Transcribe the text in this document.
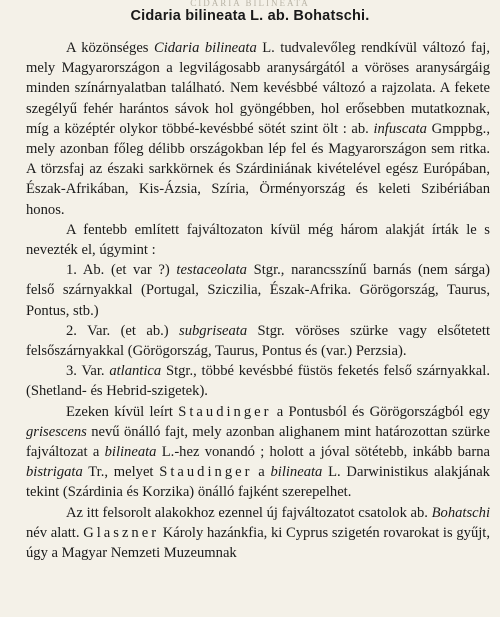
CIDARIA BILINEATA
Cidaria bilineata L. ab. Bohatschi.

A közönséges Cidaria bilineata L. tudvalevőleg rendkívül változó faj, mely Magyarországon a legvilágosabb aranysárgától a vöröses aranysárgáig minden színárnyalatban található. Nem kevésbbé változó a rajzolata. A fekete szegélyű fehér harántos sávok hol gyöngébben, hol erősebben mutatkoznak, míg a középtér olykor többé-kevésbbé sötét szint ölt : ab. infuscata Gmppbg., mely azonban főleg délibb országokban lép fel és Magyarországon sem ritka. A törzsfaj az északi sarkkörnek és Szárdiniának kivételével egész Európában, Észak-Afrikában, Kis-Ázsia, Szíria, Örményország és keleti Szibériában honos.

A fentebb említett fajváltozaton kívül még három alakját írták le s nevezték el, úgymint :

1. Ab. (et var ?) testaceolata Stgr., narancsszínű barnás (nem sárga) felső szárnyakkal (Portugal, Sziczilia, Észak-Afrika. Görögország, Taurus, Pontus, stb.)

2. Var. (et ab.) subgriseata Stgr. vöröses szürke vagy elsőtetett felsőszárnyakkal (Görögország, Taurus, Pontus és (var.) Perzsia).

3. Var. atlantica Stgr., többé kevésbbé füstös feketés felső szárnyakkal. (Shetland- és Hebrid-szigetek).

Ezeken kívül leírt Staudinger a Pontusból és Görögországból egy grisescens nevű önálló fajt, mely azonban alighanem mint határozottan szürke fajváltozat a bilineata L.-hez vonandó ; holott a jóval sötétebb, inkább barna bistrigata Tr., melyet Staudinger a bilineata L. Darwinistikus alakjának tekint (Szárdinia és Korzika) önálló fajként szerepelhet.

Az itt felsorolt alakokhoz ezennel új fajváltozatot csatolok ab. Bohatschi név alatt. Glaszner Károly hazánkfia, ki Cyprus szigetén rovarokat is gyűjt, úgy a Magyar Nemzeti Muzeumnak
